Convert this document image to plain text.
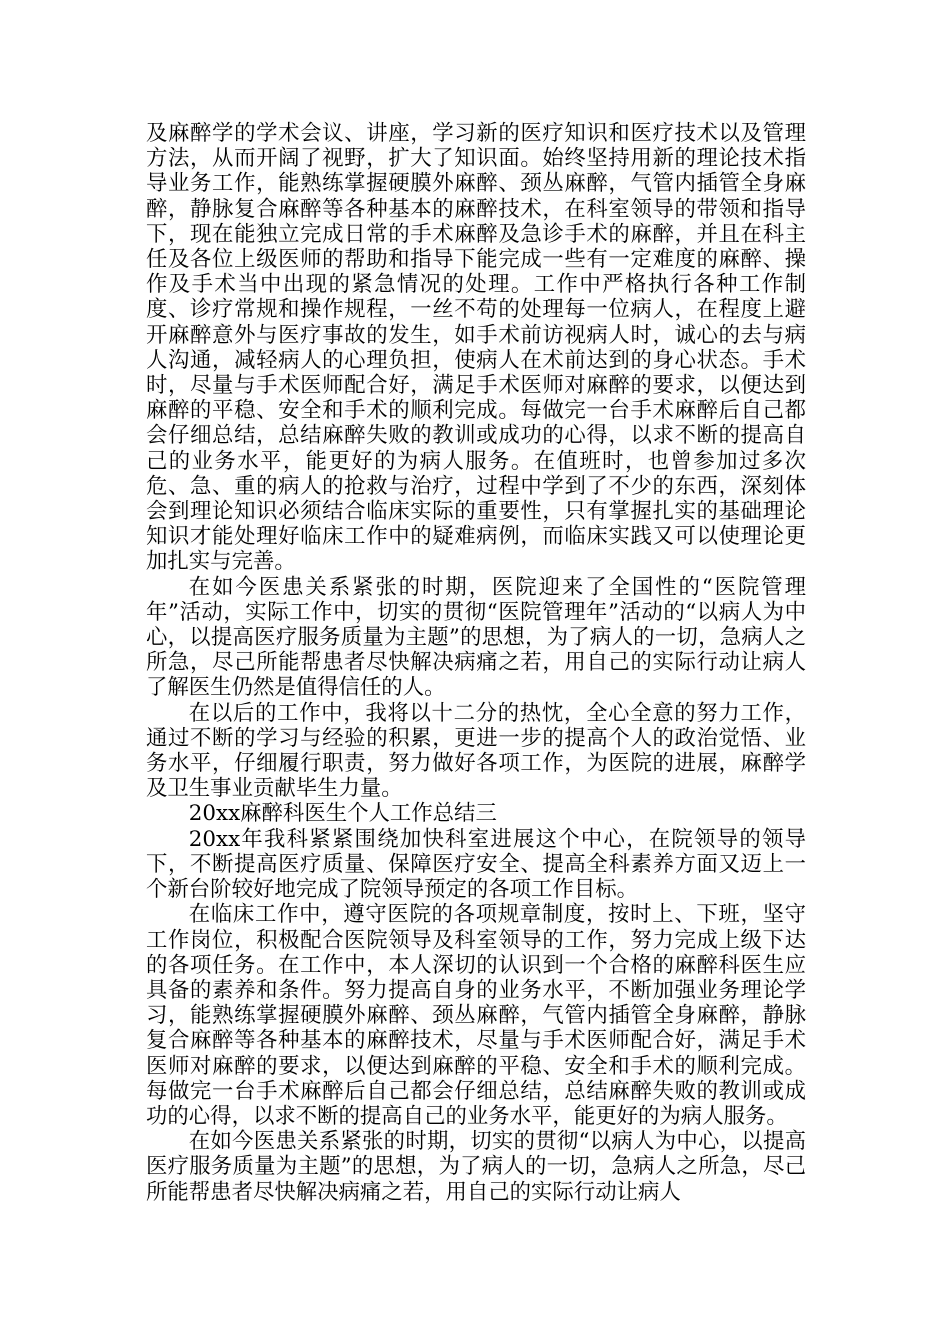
及麻醉学的学术会议、讲座，学习新的医疗知识和医疗技术以及管理方法，从而开阔了视野，扩大了知识面。始终坚持用新的理论技术指导业务工作，能熟练掌握硬膜外麻醉、颈丛麻醉，气管内插管全身麻醉，静脉复合麻醉等各种基本的麻醉技术，在科室领导的带领和指导下，现在能独立完成日常的手术麻醉及急诊手术的麻醉，并且在科主任及各位上级医师的帮助和指导下能完成一些有一定难度的麻醉、操作及手术当中出现的紧急情况的处理。工作中严格执行各种工作制度、诊疗常规和操作规程，一丝不苟的处理每一位病人，在程度上避开麻醉意外与医疗事故的发生，如手术前访视病人时，诚心的去与病人沟通，减轻病人的心理负担，使病人在术前达到的身心状态。手术时，尽量与手术医师配合好，满足手术医师对麻醉的要求，以便达到麻醉的平稳、安全和手术的顺利完成。每做完一台手术麻醉后自己都会仔细总结，总结麻醉失败的教训或成功的心得，以求不断的提高自己的业务水平，能更好的为病人服务。在值班时，也曾参加过多次危、急、重的病人的抢救与治疗，过程中学到了不少的东西，深刻体会到理论知识必须结合临床实际的重要性，只有掌握扎实的基础理论知识才能处理好临床工作中的疑难病例，而临床实践又可以使理论更加扎实与完善。

在如今医患关系紧张的时期，医院迎来了全国性的“医院管理年”活动，实际工作中，切实的贯彻“医院管理年”活动的“以病人为中心，以提高医疗服务质量为主题”的思想，为了病人的一切，急病人之所急，尽己所能帮患者尽快解决病痛之若，用自己的实际行动让病人了解医生仍然是值得信任的人。

在以后的工作中，我将以十二分的热忱，全心全意的努力工作，通过不断的学习与经验的积累，更进一步的提高个人的政治觉悟、业务水平，仔细履行职责，努力做好各项工作，为医院的进展，麻醉学及卫生事业贡献毕生力量。

20xx麻醉科医生个人工作总结三

20xx年我科紧紧围绕加快科室进展这个中心，在院领导的领导下，不断提高医疗质量、保障医疗安全、提高全科素养方面又迈上一个新台阶较好地完成了院领导预定的各项工作目标。

在临床工作中，遵守医院的各项规章制度，按时上、下班，坚守工作岗位，积极配合医院领导及科室领导的工作，努力完成上级下达的各项任务。在工作中，本人深切的认识到一个合格的麻醉科医生应具备的素养和条件。努力提高自身的业务水平，不断加强业务理论学习，能熟练掌握硬膜外麻醉、颈丛麻醉，气管内插管全身麻醉，静脉复合麻醉等各种基本的麻醉技术，尽量与手术医师配合好，满足手术医师对麻醉的要求，以便达到麻醉的平稳、安全和手术的顺利完成。每做完一台手术麻醉后自己都会仔细总结，总结麻醉失败的教训或成功的心得，以求不断的提高自己的业务水平，能更好的为病人服务。

在如今医患关系紧张的时期，切实的贯彻“以病人为中心，以提高医疗服务质量为主题”的思想，为了病人的一切，急病人之所急，尽己所能帮患者尽快解决病痛之若，用自己的实际行动让病人
